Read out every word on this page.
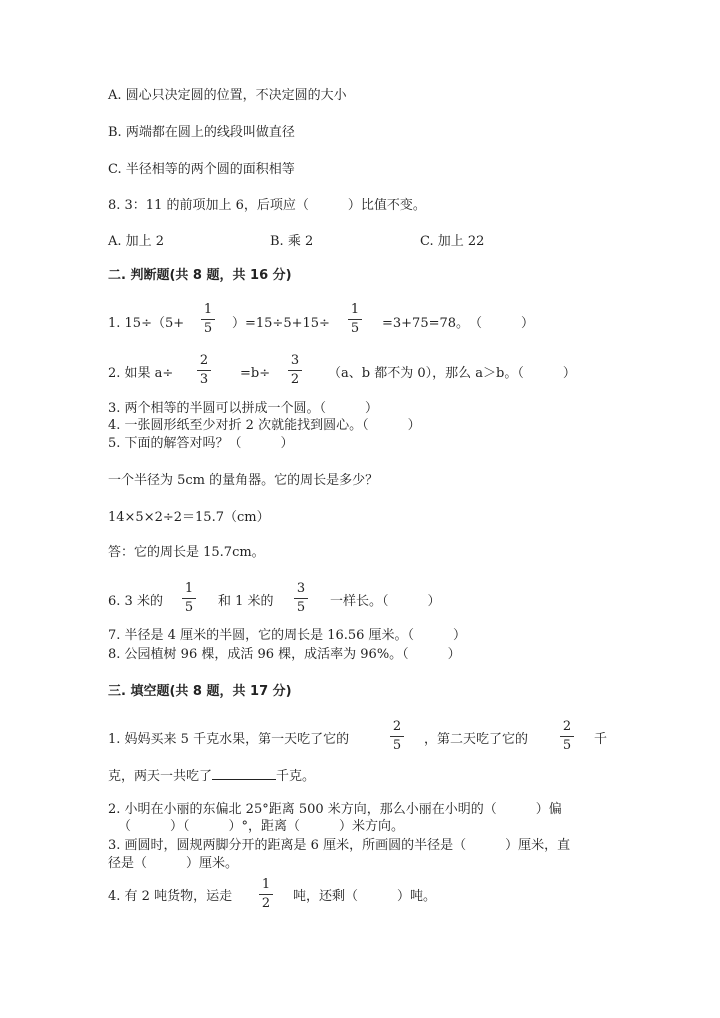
A. 圆心只决定圆的位置，不决定圆的大小
B. 两端都在圆上的线段叫做直径
C. 半径相等的两个圆的面积相等
8. 3：11 的前项加上 6，后项应（　　　）比值不变。
A. 加上 2	B. 乘 2	C. 加上 22
二. 判断题(共 8 题，共 16 分)
1. 15÷（5+
1
5 ）=15÷5+15÷
1
5 =3+75=78。　（　　　）
2. 如果 a÷
2
3 =b÷
3
2 （a、b 都不为 0），那么 a＞b。（　　　）
3. 两个相等的半圆可以拼成一个圆。（　　　）
4. 一张圆形纸至少对折 2 次就能找到圆心。（　　　）
5. 下面的解答对吗？（　　　）
一个半径为 5cm 的量角器。它的周长是多少？
14×5×2÷2＝15.7（cm）
答：它的周长是 15.7cm。
6. 3 米的
1
5 和 1 米的
3
5 一样长。（　　　）
7. 半径是 4 厘米的半圆，它的周长是 16.56 厘米。（　　　）
8. 公园植树 96 棵，成活 96 棵，成活率为 96%。（　　　）
三. 填空题(共 8 题，共 17 分)
1. 妈妈买来 5 千克水果，第一天吃了它的
2
5 ，第二天吃了它的
2
5 千
克，两天一共吃了	千克。
2. 小明在小丽的东偏北 25°距离 500 米方向，那么小丽在小明的（　　　）偏
（　　　）（　　　）°，距离（　　　）米方向。
3. 画圆时，圆规两脚分开的距离是 6 厘米，所画圆的半径是（　　　）厘米，直
径是（　　　）厘米。
4. 有 2 吨货物，运走
1
2 吨，还剩（　　　）吨。
